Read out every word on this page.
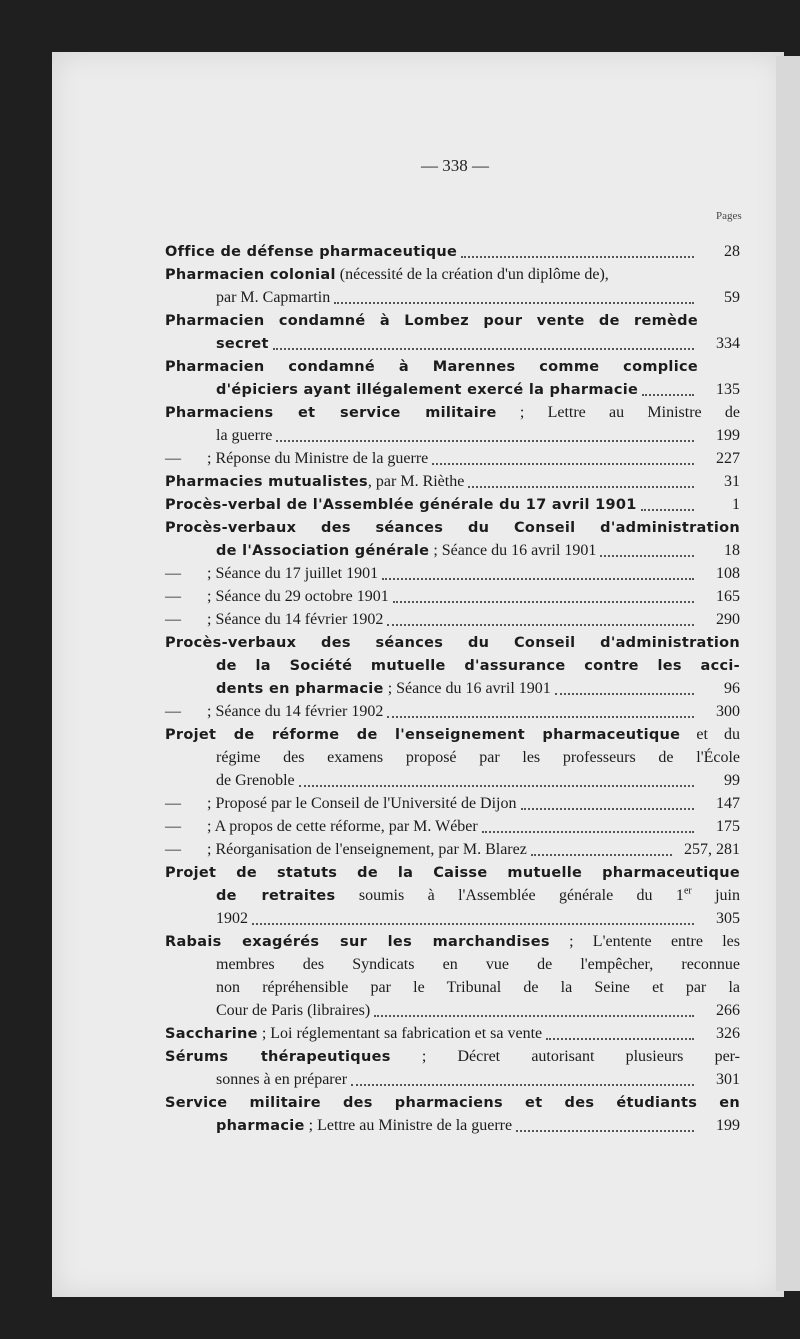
— 338 —
Pages
Office de défense pharmaceutique	28
Pharmacien colonial (nécessité de la création d'un diplôme de),
par M. Capmartin	59
Pharmacien condamné à Lombez pour vente de remède
secret	334
Pharmacien condamné à Marennes comme complice
d'épiciers ayant illégalement exercé la pharmacie	135
Pharmaciens et service militaire ; Lettre au Ministre de
la guerre	199
— ; Réponse du Ministre de la guerre	227
Pharmacies mutualistes, par M. Rièthe	31
Procès-verbal de l'Assemblée générale du 17 avril 1901	1
Procès-verbaux des séances du Conseil d'administration
de l'Association générale ; Séance du 16 avril 1901	18
— ; Séance du 17 juillet 1901	108
— ; Séance du 29 octobre 1901	165
— ; Séance du 14 février 1902	290
Procès-verbaux des séances du Conseil d'administration
de la Société mutuelle d'assurance contre les acci-
dents en pharmacie ; Séance du 16 avril 1901	96
— ; Séance du 14 février 1902	300
Projet de réforme de l'enseignement pharmaceutique et du
régime des examens proposé par les professeurs de l'École
de Grenoble	99
— ; Proposé par le Conseil de l'Université de Dijon	147
— ; A propos de cette réforme, par M. Wéber	175
— ; Réorganisation de l'enseignement, par M. Blarez	257, 281
Projet de statuts de la Caisse mutuelle pharmaceutique
de retraites soumis à l'Assemblée générale du 1er juin
1902	305
Rabais exagérés sur les marchandises ; L'entente entre les
membres des Syndicats en vue de l'empêcher, reconnue
non répréhensible par le Tribunal de la Seine et par la
Cour de Paris (libraires)	266
Saccharine ; Loi réglementant sa fabrication et sa vente	326
Sérums thérapeutiques ; Décret autorisant plusieurs per-
sonnes à en préparer	301
Service militaire des pharmaciens et des étudiants en
pharmacie ; Lettre au Ministre de la guerre	199
